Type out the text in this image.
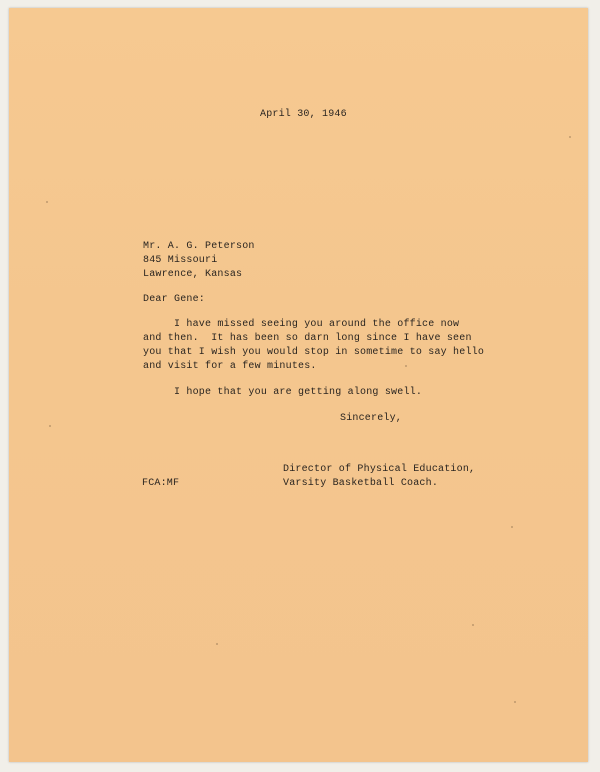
April 30, 1946
Mr. A. G. Peterson
845 Missouri
Lawrence, Kansas
Dear Gene:
I have missed seeing you around the office now
and then.  It has been so darn long since I have seen
you that I wish you would stop in sometime to say hello
and visit for a few minutes.
I hope that you are getting along swell.
Sincerely,
Director of Physical Education,
Varsity Basketball Coach.
FCA:MF
